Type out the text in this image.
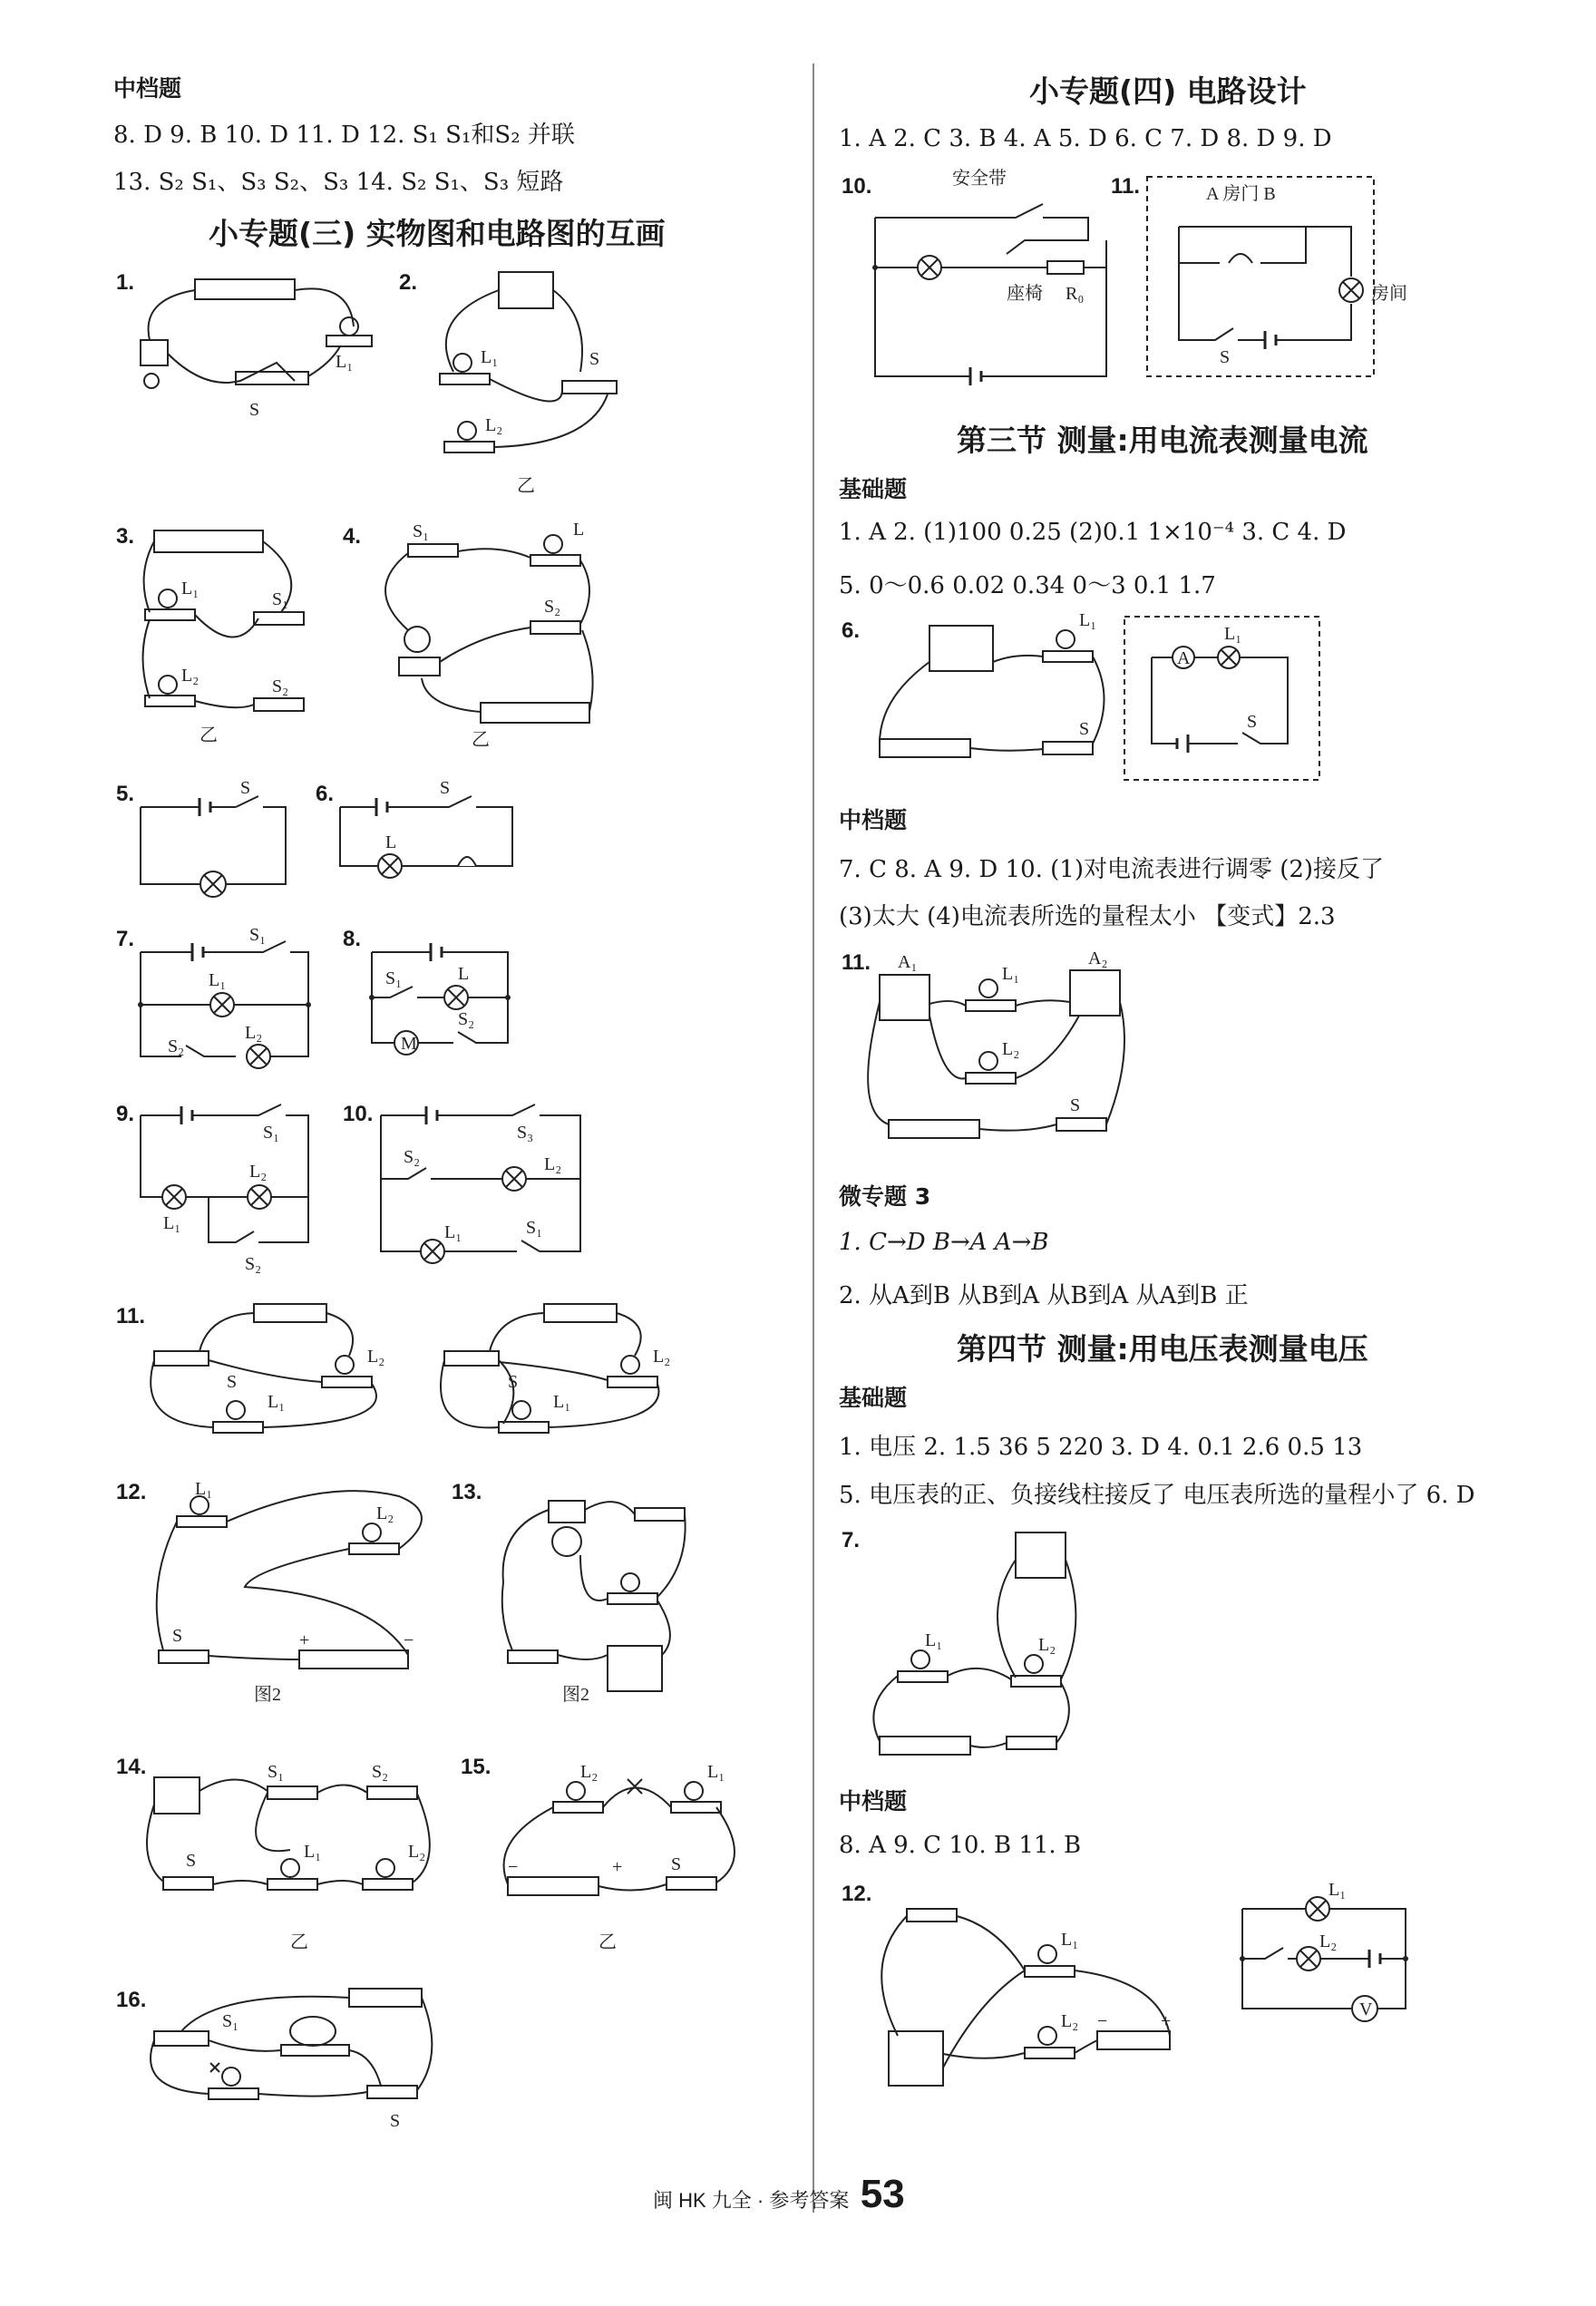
中档题
8. D 9. B 10. D 11. D 12. S₁ S₁和S₂ 并联
13. S₂ S₁、S₃ S₂、S₃ 14. S₂ S₁、S₃ 短路
小专题(三) 实物图和电路图的互画
1.
S
L₁
2.
L₁
L₂
S
乙
3.
L₁
L₂
S₁
S₂
乙
4.	S₁	L
S₂
乙
5.	S	6.	S
L
7.	S₁
L₁
L₂
S₂
8.
M
S₁	L
S₂
9.
S₁
L₂
L₁
S₂
10.
S₃
S₂	L₂
L₁	S₁
11.
S
L₂
L₁
S
L₂
L₁
12.	L₁
L₂
S	+	−
图2
13.
图2
14.	S₁	S₂
S	L₁	L₂
乙
15.	L₂	L₁
−	+	S
乙
16.
S₁
S
小专题(四) 电路设计
1. A 2. C 3. B 4. A 5. D 6. C 7. D 8. D 9. D
10.	安全带
座椅 R₀
11.	A 房门 B
房间
S
第三节 测量:用电流表测量电流
基础题
1. A 2. (1)100 0.25 (2)0.1 1×10⁻⁴ 3. C 4. D
5. 0～0.6 0.02 0.34 0～3 0.1 1.7
6.
A
L₁
S
L₁
S
中档题
7. C 8. A 9. D 10. (1)对电流表进行调零 (2)接反了
(3)太大 (4)电流表所选的量程太小 【变式】2.3
11. A₁	A₂
L₁
L₂
S
微专题 3
1. C→D B→A A→B
2. 从A到B 从B到A 从B到A 从A到B 正
第四节 测量:用电压表测量电压
基础题
1. 电压 2. 1.5 36 5 220 3. D 4. 0.1 2.6 0.5 13
5. 电压表的正、负接线柱接反了 电压表所选的量程小了 6. D
7.
L₁	L₂
中档题
8. A 9. C 10. B 11. B
12.
V
L₁
L₂ −	+
L₁
L₂
闽 HK 九全 · 参考答案 53
